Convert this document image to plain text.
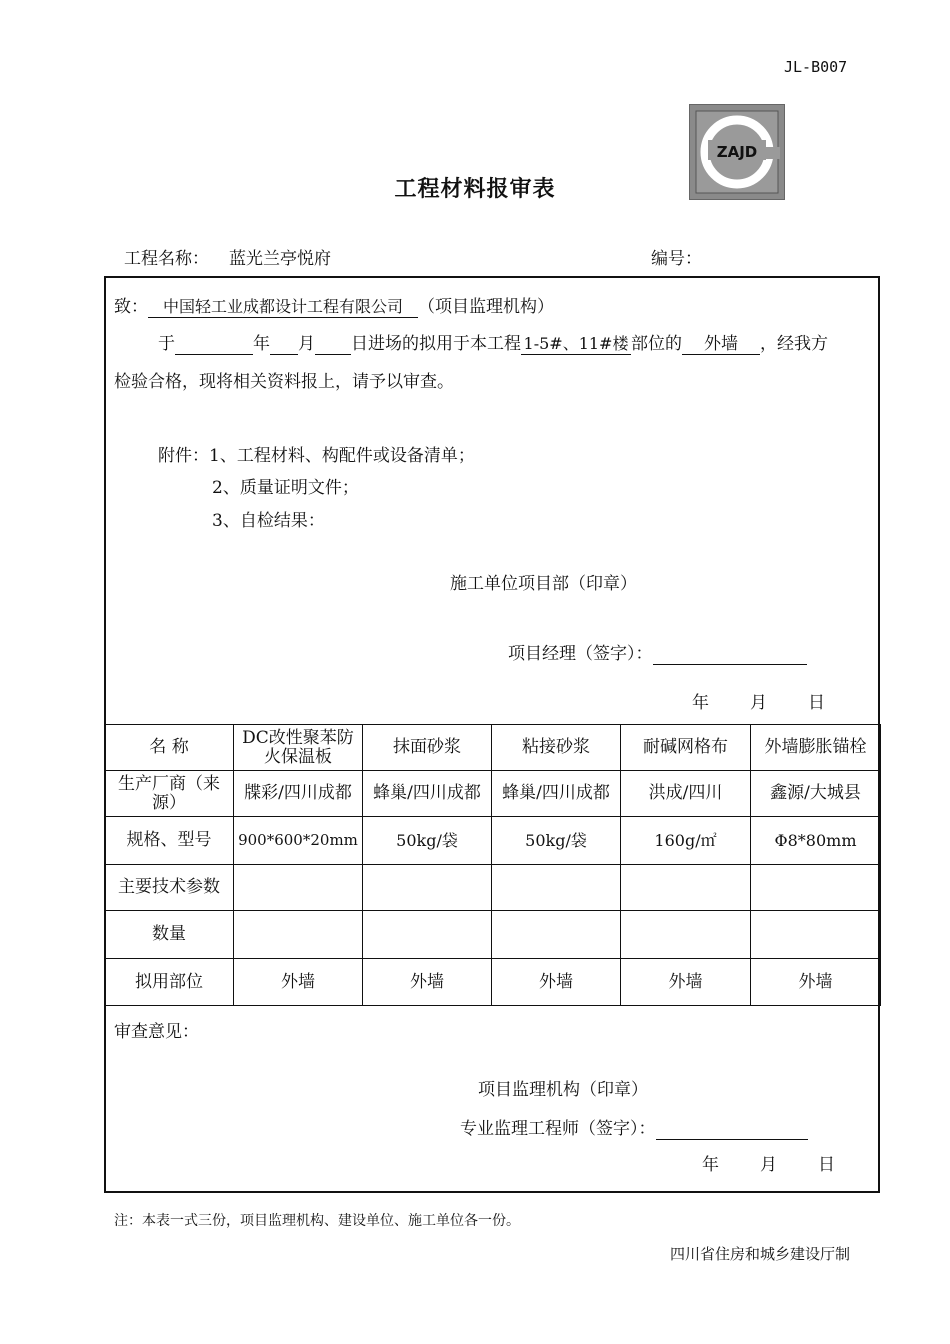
JL-B007
ZAJD
工程材料报审表
工程名称： 蓝光兰亭悦府	编号：
致： 中国轻工业成都设计工程有限公司 （项目监理机构）
于	年 月 日进场的拟用于本工程 1-5#、11#楼 部位的 外墙 ，经我方
检验合格，现将相关资料报上，请予以审查。
附件：1、工程材料、构配件或设备清单；
2、质量证明文件；
3、自检结果：
施工单位项目部（印章）
项目经理（签字）：
年 月 日
审查意见：
项目监理机构（印章）
专业监理工程师（签字）：
年 月 日
名 称	DC改性聚苯防火保温板	抹面砂浆	粘接砂浆	耐碱网格布	外墙膨胀锚栓
生产厂商（来源）	牒彩/四川成都	蜂巢/四川成都	蜂巢/四川成都	洪成/四川	鑫源/大城县
规格、型号	900*600*20mm	50kg/袋	50kg/袋	160g/㎡	Φ8*80mm
主要技术参数					
数量					
拟用部位	外墙	外墙	外墙	外墙	外墙
注：本表一式三份，项目监理机构、建设单位、施工单位各一份。
四川省住房和城乡建设厅制
